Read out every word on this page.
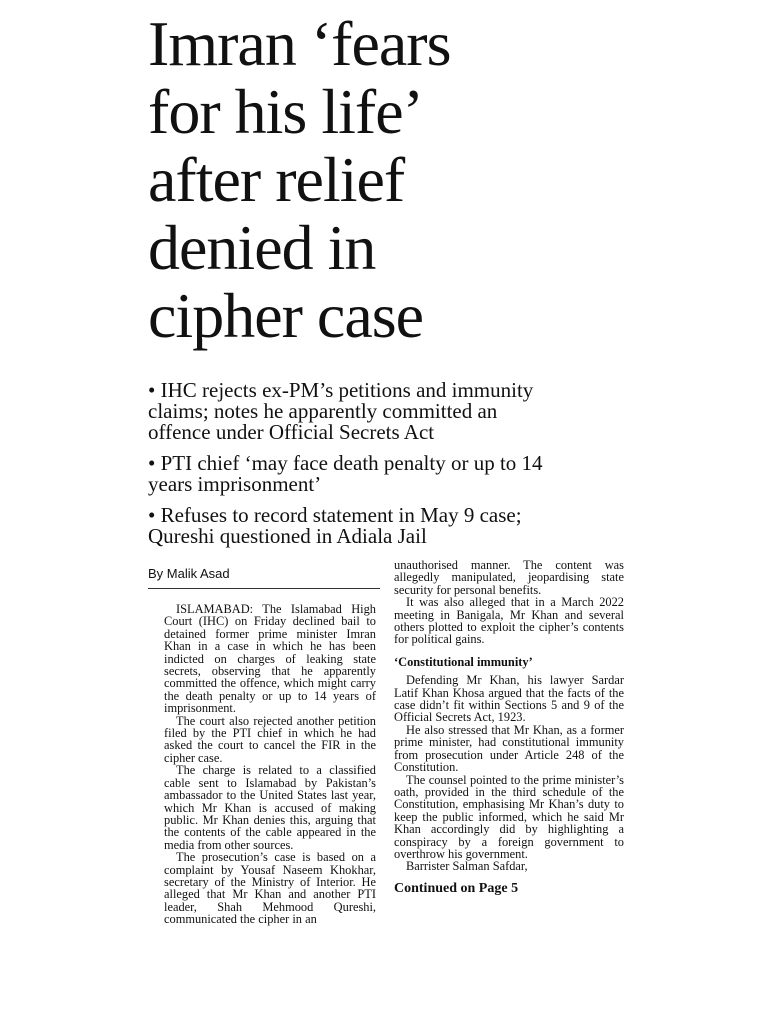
Imran ‘fears
for his life’
after relief
denied in
cipher case
• IHC rejects ex-PM’s petitions and immunity
claims; notes he apparently committed an
offence under Official Secrets Act
• PTI chief ‘may face death penalty or up to 14
years imprisonment’
• Refuses to record statement in May 9 case;
Qureshi questioned in Adiala Jail
By Malik Asad

ISLAMABAD: The Islamabad High Court (IHC) on Friday declined bail to detained former prime minister Imran Khan in a case in which he has been indicted on charges of leaking state secrets, observing that he apparently committed the offence, which might carry the death penalty or up to 14 years of imprisonment.

The court also rejected another petition filed by the PTI chief in which he had asked the court to cancel the FIR in the cipher case.

The charge is related to a classified cable sent to Islamabad by Pakistan’s ambassador to the United States last year, which Mr Khan is accused of making public. Mr Khan denies this, arguing that the contents of the cable appeared in the media from other sources.

The prosecution’s case is based on a complaint by Yousaf Naseem Khokhar, secretary of the Ministry of Interior. He alleged that Mr Khan and another PTI leader, Shah Mehmood Qureshi, communicated the cipher in an

unauthorised manner. The content was allegedly manipulated, jeopardising state security for personal benefits.

It was also alleged that in a March 2022 meeting in Banigala, Mr Khan and several others plotted to exploit the cipher’s contents for political gains.

‘Constitutional immunity’

Defending Mr Khan, his lawyer Sardar Latif Khan Khosa argued that the facts of the case didn’t fit within Sections 5 and 9 of the Official Secrets Act, 1923.

He also stressed that Mr Khan, as a former prime minister, had constitutional immunity from prosecution under Article 248 of the Constitution.

The counsel pointed to the prime minister’s oath, provided in the third schedule of the Constitution, emphasising Mr Khan’s duty to keep the public informed, which he said Mr Khan accordingly did by highlighting a conspiracy by a foreign government to overthrow his government.

Barrister Salman Safdar,

Continued on Page 5
